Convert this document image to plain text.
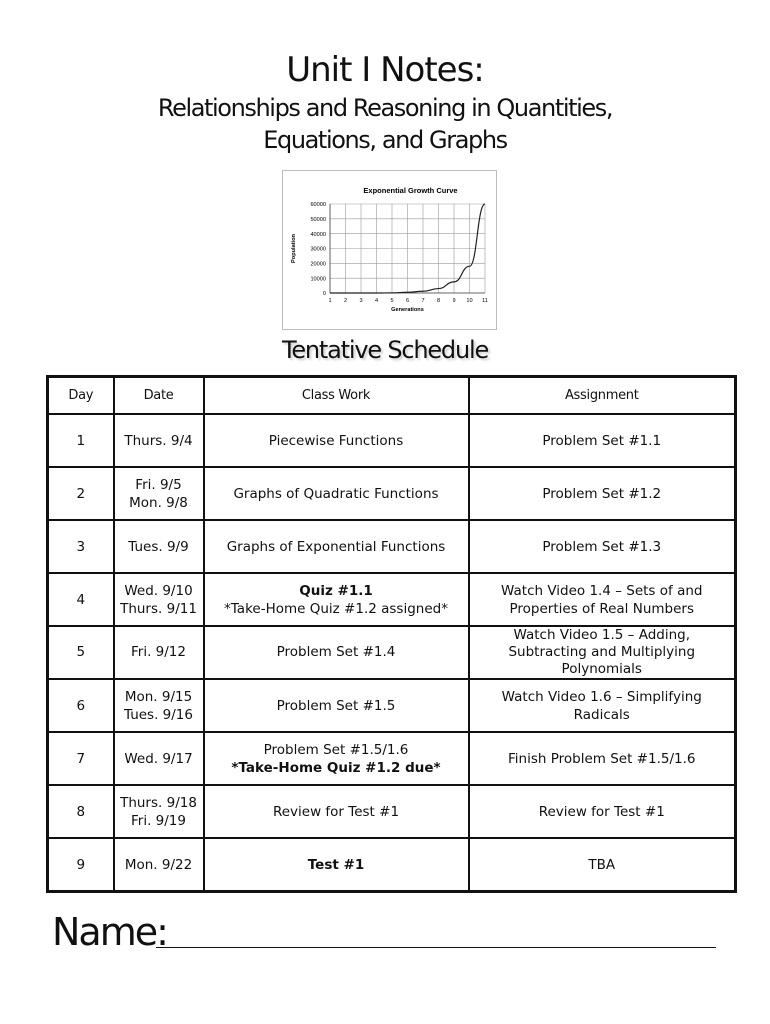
Unit I Notes:
Relationships and Reasoning in Quantities,
Equations, and Graphs
Exponential Growth Curve
0
10000
20000
30000
40000
50000
60000
1 2 3 4 5 6 7 8 9 10 11
Generations
Population
Tentative Schedule
Day	Date	Class Work	Assignment

1	Thurs. 9/4	Piecewise Functions	Problem Set #1.1

2	Fri. 9/5
Mon. 9/8	Graphs of Quadratic Functions	Problem Set #1.2

3	Tues. 9/9	Graphs of Exponential Functions	Problem Set #1.3

4	Wed. 9/10
Thurs. 9/11	Quiz #1.1
*Take-Home Quiz #1.2 assigned*	Watch Video 1.4 – Sets of and
Properties of Real Numbers

5	Fri. 9/12	Problem Set #1.4	Watch Video 1.5 – Adding,
Subtracting and Multiplying
Polynomials

6	Mon. 9/15
Tues. 9/16	Problem Set #1.5	Watch Video 1.6 – Simplifying
Radicals

7	Wed. 9/17	Problem Set #1.5/1.6
*Take-Home Quiz #1.2 due*	Finish Problem Set #1.5/1.6

8	Thurs. 9/18
Fri. 9/19	Review for Test #1	Review for Test #1

9	Mon. 9/22	Test #1	TBA
Name:
